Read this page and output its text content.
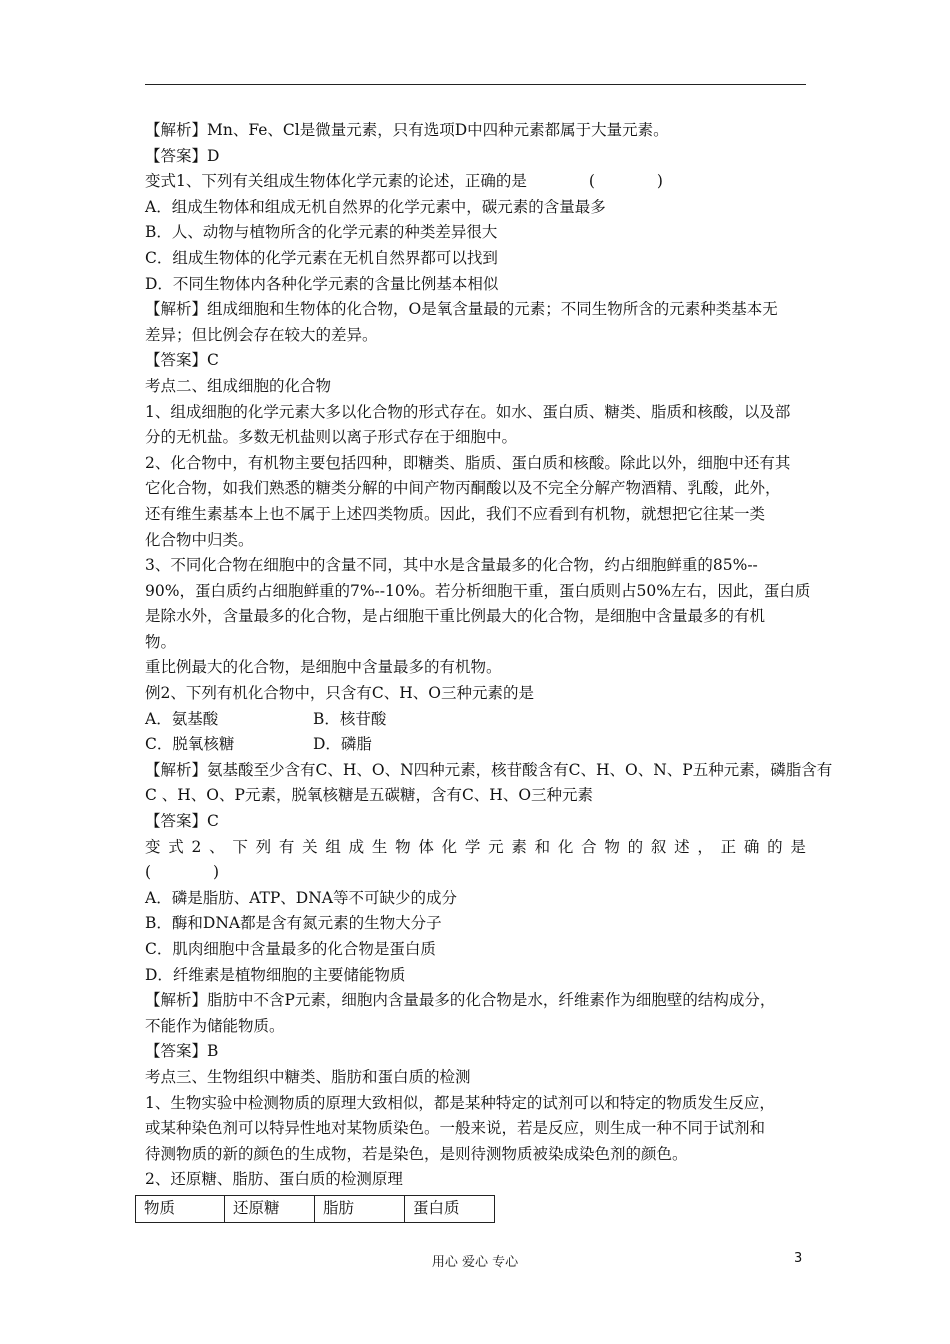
【解析】Mn、Fe、Cl是微量元素，只有选项D中四种元素都属于大量元素。
【答案】D
变式1、下列有关组成生物体化学元素的论述，正确的是　　　　(　　　　)
A．组成生物体和组成无机自然界的化学元素中，碳元素的含量最多
B．人、动物与植物所含的化学元素的种类差异很大
C．组成生物体的化学元素在无机自然界都可以找到
D．不同生物体内各种化学元素的含量比例基本相似
【解析】组成细胞和生物体的化合物，O是氧含量最的元素；不同生物所含的元素种类基本无
差异；但比例会存在较大的差异。
【答案】C
考点二、组成细胞的化合物
1、组成细胞的化学元素大多以化合物的形式存在。如水、蛋白质、糖类、脂质和核酸，以及部
分的无机盐。多数无机盐则以离子形式存在于细胞中。
2、化合物中，有机物主要包括四种，即糖类、脂质、蛋白质和核酸。除此以外，细胞中还有其
它化合物，如我们熟悉的糖类分解的中间产物丙酮酸以及不完全分解产物酒精、乳酸，此外，
还有维生素基本上也不属于上述四类物质。因此，我们不应看到有机物，就想把它往某一类
化合物中归类。
3、不同化合物在细胞中的含量不同，其中水是含量最多的化合物，约占细胞鲜重的85%--
90%，蛋白质约占细胞鲜重的7%--10%。若分析细胞干重，蛋白质则占50%左右，因此，蛋白质
是除水外，含量最多的化合物，是占细胞干重比例最大的化合物，是细胞中含量最多的有机
物。
重比例最大的化合物，是细胞中含量最多的有机物。
例2、下列有机化合物中，只含有C、H、O三种元素的是
A．氨基酸	B．核苷酸
C．脱氧核糖	D．磷脂
【解析】氨基酸至少含有C、H、O、N四种元素，核苷酸含有C、H、O、N、P五种元素，磷脂含有
C 、H、O、P元素，脱氧核糖是五碳糖，含有C、H、O三种元素
【答案】C
变 式 2 、 下 列 有 关 组 成 生 物 体 化 学 元 素 和 化 合 物 的 叙 述 ， 正 确 的 是
(　　　　)
A．磷是脂肪、ATP、DNA等不可缺少的成分
B．酶和DNA都是含有氮元素的生物大分子
C．肌肉细胞中含量最多的化合物是蛋白质
D．纤维素是植物细胞的主要储能物质
【解析】脂肪中不含P元素，细胞内含量最多的化合物是水，纤维素作为细胞壁的结构成分，
不能作为储能物质。
【答案】B
考点三、生物组织中糖类、脂肪和蛋白质的检测
1、生物实验中检测物质的原理大致相似，都是某种特定的试剂可以和特定的物质发生反应，
或某种染色剂可以特异性地对某物质染色。一般来说，若是反应，则生成一种不同于试剂和
待测物质的新的颜色的生成物，若是染色，是则待测物质被染成染色剂的颜色。
2、还原糖、脂肪、蛋白质的检测原理
物质	还原糖	脂肪	蛋白质
用心 爱心 专心	3
